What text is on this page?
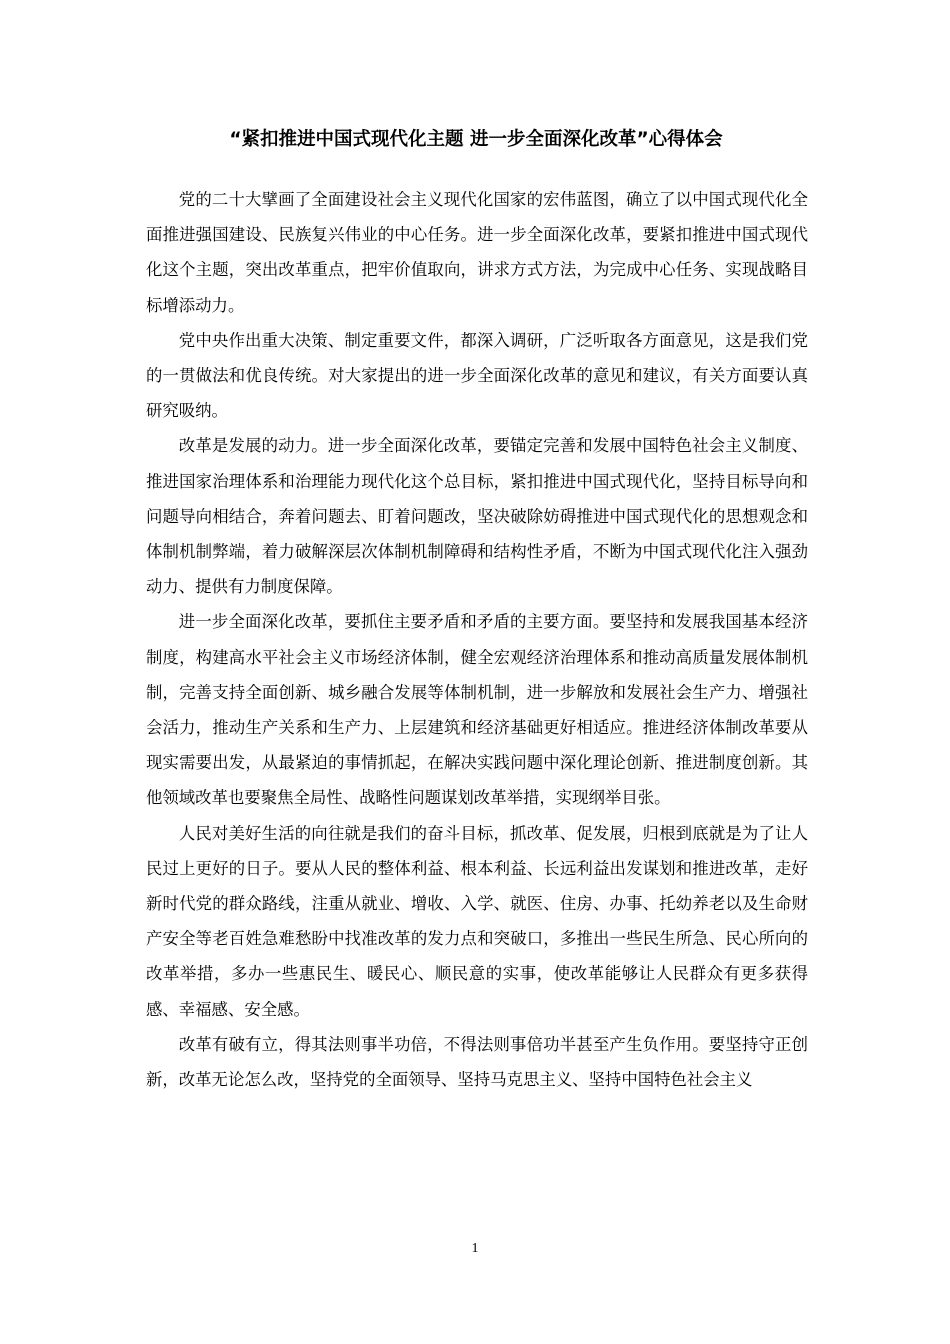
“紧扣推进中国式现代化主题 进一步全面深化改革”心得体会

党的二十大擘画了全面建设社会主义现代化国家的宏伟蓝图，确立了以中国式现代化全面推进强国建设、民族复兴伟业的中心任务。进一步全面深化改革，要紧扣推进中国式现代化这个主题，突出改革重点，把牢价值取向，讲求方式方法，为完成中心任务、实现战略目标增添动力。

党中央作出重大决策、制定重要文件，都深入调研，广泛听取各方面意见，这是我们党的一贯做法和优良传统。对大家提出的进一步全面深化改革的意见和建议，有关方面要认真研究吸纳。

改革是发展的动力。进一步全面深化改革，要锚定完善和发展中国特色社会主义制度、推进国家治理体系和治理能力现代化这个总目标，紧扣推进中国式现代化，坚持目标导向和问题导向相结合，奔着问题去、盯着问题改，坚决破除妨碍推进中国式现代化的思想观念和体制机制弊端，着力破解深层次体制机制障碍和结构性矛盾，不断为中国式现代化注入强劲动力、提供有力制度保障。

进一步全面深化改革，要抓住主要矛盾和矛盾的主要方面。要坚持和发展我国基本经济制度，构建高水平社会主义市场经济体制，健全宏观经济治理体系和推动高质量发展体制机制，完善支持全面创新、城乡融合发展等体制机制，进一步解放和发展社会生产力、增强社会活力，推动生产关系和生产力、上层建筑和经济基础更好相适应。推进经济体制改革要从现实需要出发，从最紧迫的事情抓起，在解决实践问题中深化理论创新、推进制度创新。其他领域改革也要聚焦全局性、战略性问题谋划改革举措，实现纲举目张。

人民对美好生活的向往就是我们的奋斗目标，抓改革、促发展，归根到底就是为了让人民过上更好的日子。要从人民的整体利益、根本利益、长远利益出发谋划和推进改革，走好新时代党的群众路线，注重从就业、增收、入学、就医、住房、办事、托幼养老以及生命财产安全等老百姓急难愁盼中找准改革的发力点和突破口，多推出一些民生所急、民心所向的改革举措，多办一些惠民生、暖民心、顺民意的实事，使改革能够让人民群众有更多获得感、幸福感、安全感。

改革有破有立，得其法则事半功倍，不得法则事倍功半甚至产生负作用。要坚持守正创新，改革无论怎么改，坚持党的全面领导、坚持马克思主义、坚持中国特色社会主义

1
